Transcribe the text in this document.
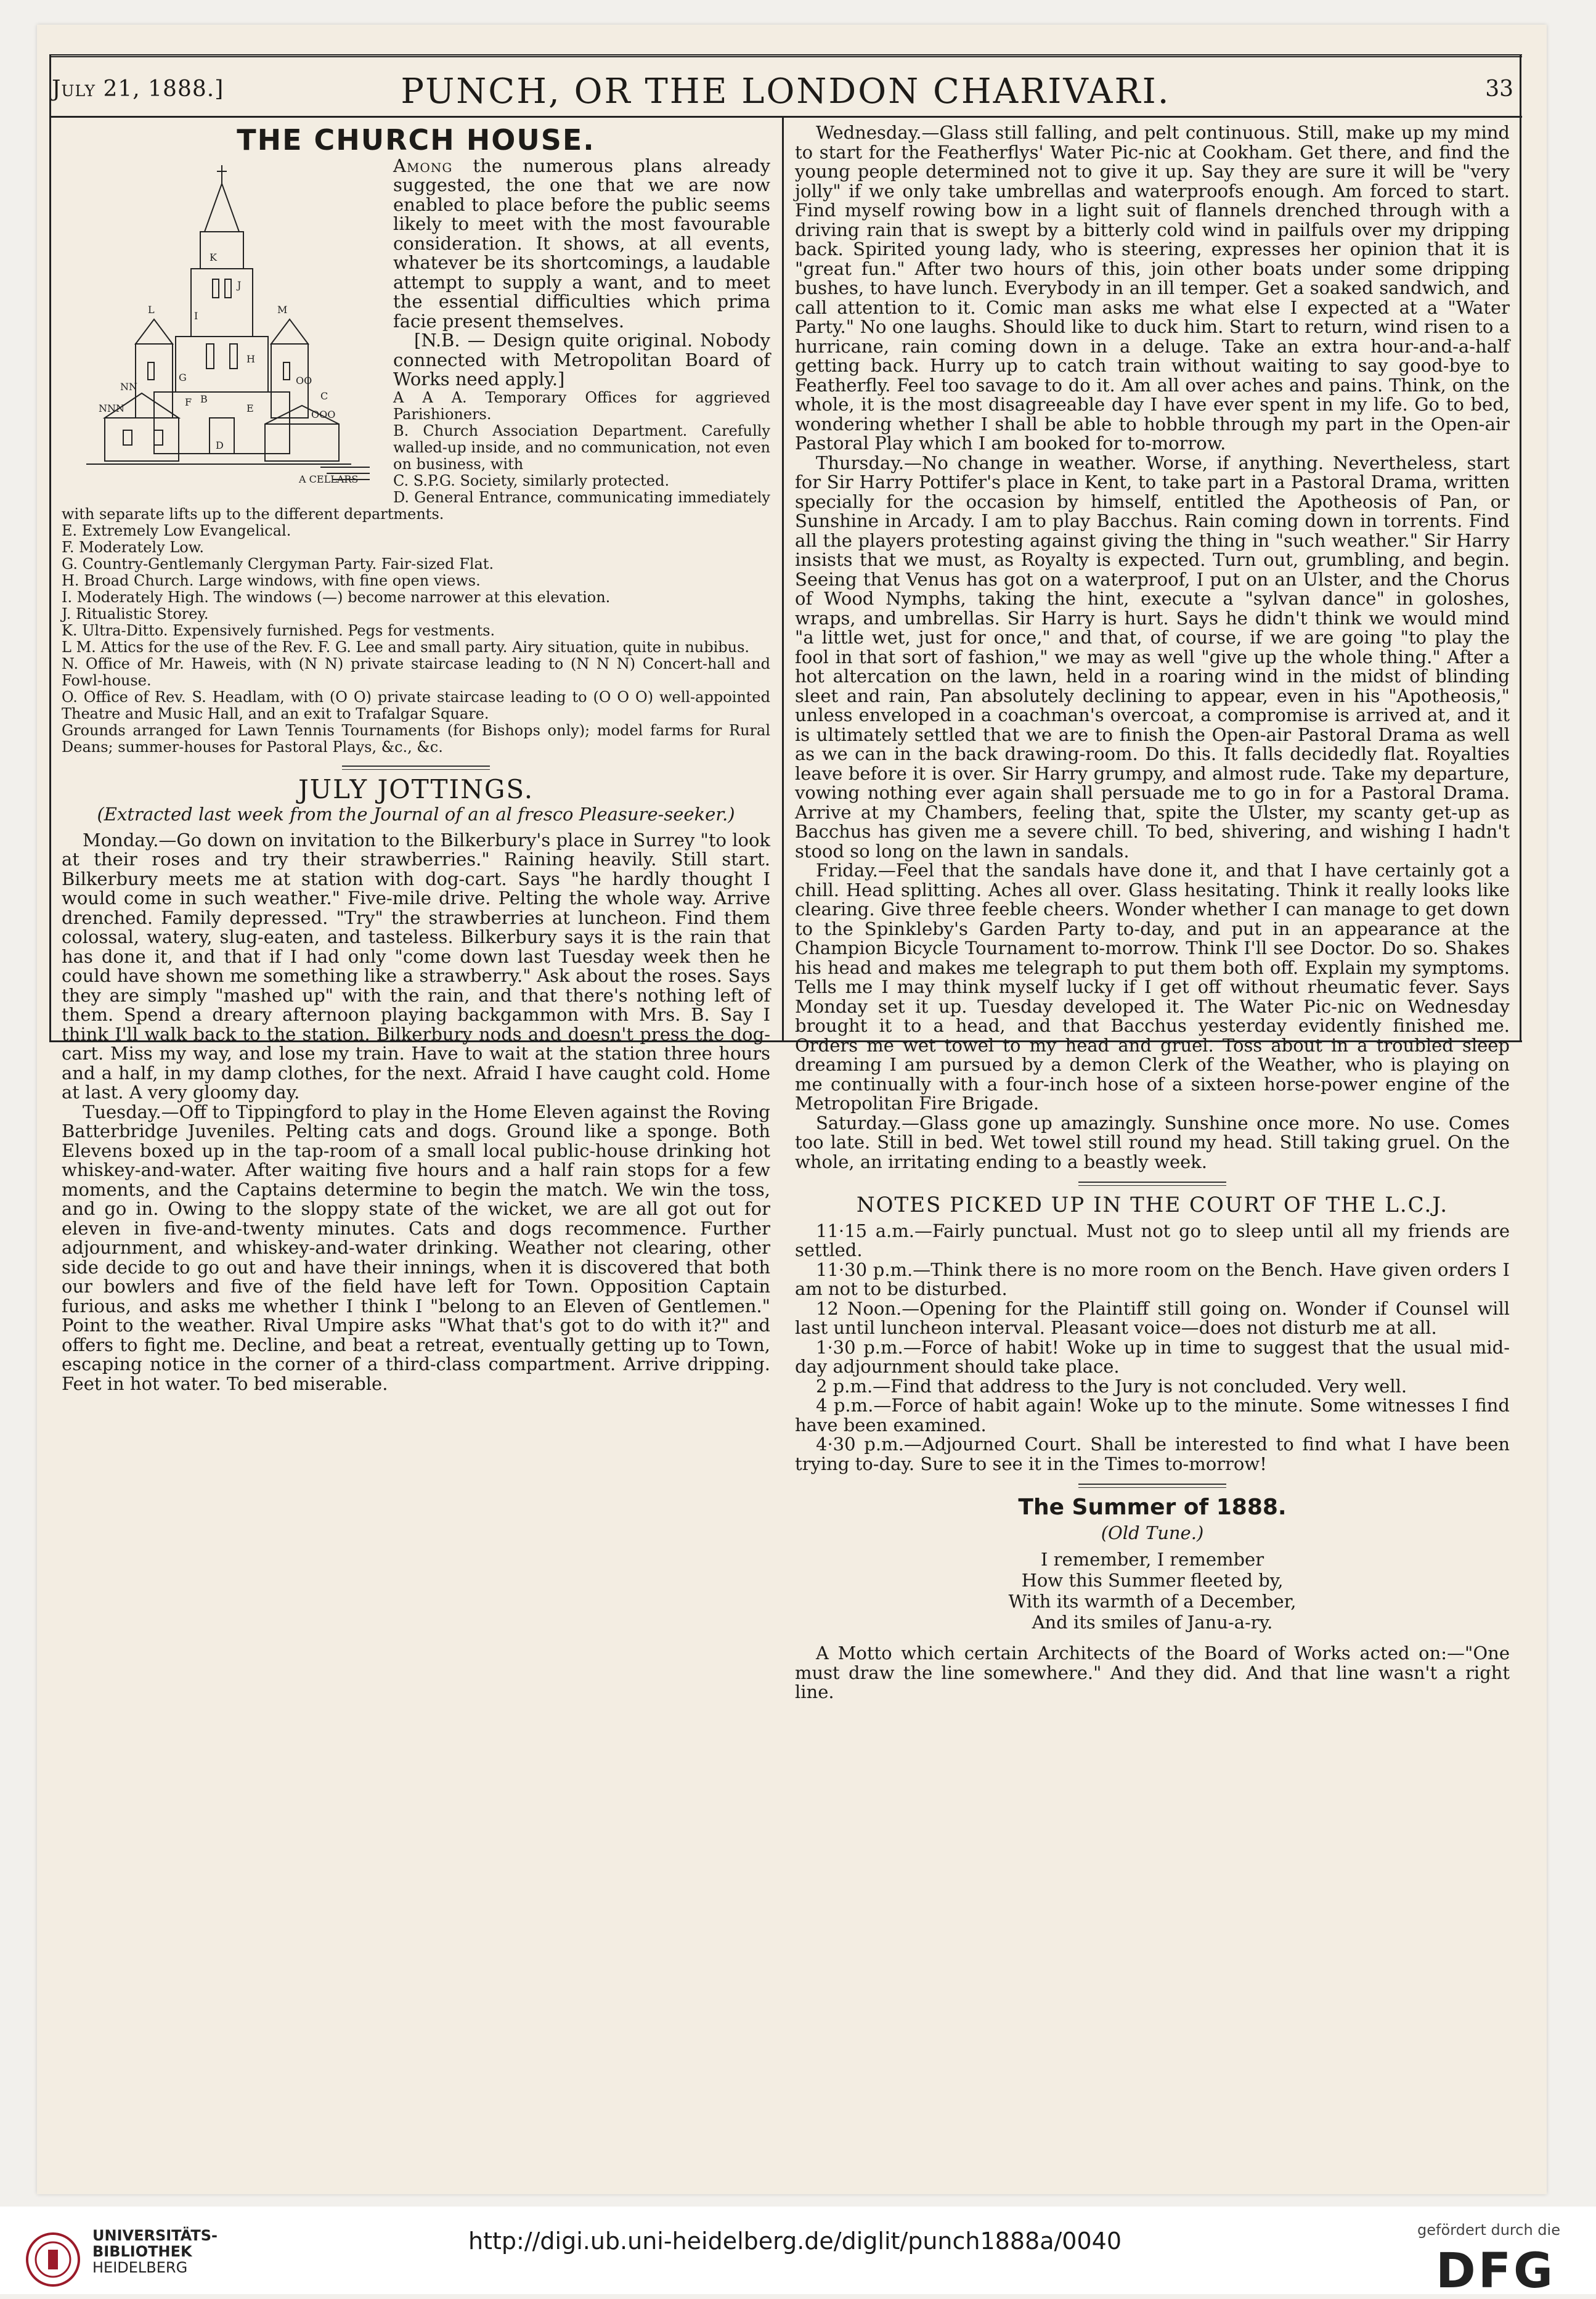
July 21, 1888.]	PUNCH, OR THE LONDON CHARIVARI.	33
THE CHURCH HOUSE.
L	M
K
J
I
H
G
F
E
D
C
B
NN
NNN
OO
OOO
A CELLARS

Among the numerous plans already suggested, the one that we are now enabled to place before the public seems likely to meet with the most favourable consideration. It shows, at all events, whatever be its shortcomings, a laudable attempt to supply a want, and to meet the essential difficulties which prima facie present themselves.

[N.B. — Design quite original. Nobody connected with Metropolitan Board of Works need apply.]

A A A. Temporary Offices for aggrieved Parishioners.

B. Church Association Department. Carefully walled-up inside, and no communication, not even on business, with

C. S.P.G. Society, similarly protected.

D. General Entrance, communicating immediately with separate lifts up to the different departments.

E. Extremely Low Evangelical.

F. Moderately Low.

G. Country-Gentlemanly Clergyman Party. Fair-sized Flat.

H. Broad Church. Large windows, with fine open views.

I. Moderately High. The windows (—) become narrower at this elevation.

J. Ritualistic Storey.

K. Ultra-Ditto. Expensively furnished. Pegs for vestments.

L M. Attics for the use of the Rev. F. G. Lee and small party. Airy situation, quite in nubibus.

N. Office of Mr. Haweis, with (N N) private staircase leading to (N N N) Concert-hall and Fowl-house.

O. Office of Rev. S. Headlam, with (O O) private staircase leading to (O O O) well-appointed Theatre and Music Hall, and an exit to Trafalgar Square.

Grounds arranged for Lawn Tennis Tournaments (for Bishops only); model farms for Rural Deans; summer-houses for Pastoral Plays, &c., &c.

JULY JOTTINGS.
(Extracted last week from the Journal of an al fresco Pleasure-seeker.)

Monday.—Go down on invitation to the Bilkerbury's place in Surrey "to look at their roses and try their strawberries." Raining heavily. Still start. Bilkerbury meets me at station with dog-cart. Says "he hardly thought I would come in such weather." Five-mile drive. Pelting the whole way. Arrive drenched. Family depressed. "Try" the strawberries at luncheon. Find them colossal, watery, slug-eaten, and tasteless. Bilkerbury says it is the rain that has done it, and that if I had only "come down last Tuesday week then he could have shown me something like a strawberry." Ask about the roses. Says they are simply "mashed up" with the rain, and that there's nothing left of them. Spend a dreary afternoon playing backgammon with Mrs. B. Say I think I'll walk back to the station. Bilkerbury nods and doesn't press the dog-cart. Miss my way, and lose my train. Have to wait at the station three hours and a half, in my damp clothes, for the next. Afraid I have caught cold. Home at last. A very gloomy day.

Tuesday.—Off to Tippingford to play in the Home Eleven against the Roving Batterbridge Juveniles. Pelting cats and dogs. Ground like a sponge. Both Elevens boxed up in the tap-room of a small local public-house drinking hot whiskey-and-water. After waiting five hours and a half rain stops for a few moments, and the Captains determine to begin the match. We win the toss, and go in. Owing to the sloppy state of the wicket, we are all got out for eleven in five-and-twenty minutes. Cats and dogs recommence. Further adjournment, and whiskey-and-water drinking. Weather not clearing, other side decide to go out and have their innings, when it is discovered that both our bowlers and five of the field have left for Town. Opposition Captain furious, and asks me whether I think I "belong to an Eleven of Gentlemen." Point to the weather. Rival Umpire asks "What that's got to do with it?" and offers to fight me. Decline, and beat a retreat, eventually getting up to Town, escaping notice in the corner of a third-class compartment. Arrive dripping. Feet in hot water. To bed miserable.

Wednesday.—Glass still falling, and pelt continuous. Still, make up my mind to start for the Featherflys' Water Pic-nic at Cookham. Get there, and find the young people determined not to give it up. Say they are sure it will be "very jolly" if we only take umbrellas and waterproofs enough. Am forced to start. Find myself rowing bow in a light suit of flannels drenched through with a driving rain that is swept by a bitterly cold wind in pailfuls over my dripping back. Spirited young lady, who is steering, expresses her opinion that it is "great fun." After two hours of this, join other boats under some dripping bushes, to have lunch. Everybody in an ill temper. Get a soaked sandwich, and call attention to it. Comic man asks me what else I expected at a "Water Party." No one laughs. Should like to duck him. Start to return, wind risen to a hurricane, rain coming down in a deluge. Take an extra hour-and-a-half getting back. Hurry up to catch train without waiting to say good-bye to Featherfly. Feel too savage to do it. Am all over aches and pains. Think, on the whole, it is the most disagreeable day I have ever spent in my life. Go to bed, wondering whether I shall be able to hobble through my part in the Open-air Pastoral Play which I am booked for to-morrow.

Thursday.—No change in weather. Worse, if anything. Nevertheless, start for Sir Harry Pottifer's place in Kent, to take part in a Pastoral Drama, written specially for the occasion by himself, entitled the Apotheosis of Pan, or Sunshine in Arcady. I am to play Bacchus. Rain coming down in torrents. Find all the players protesting against giving the thing in "such weather." Sir Harry insists that we must, as Royalty is expected. Turn out, grumbling, and begin. Seeing that Venus has got on a waterproof, I put on an Ulster, and the Chorus of Wood Nymphs, taking the hint, execute a "sylvan dance" in goloshes, wraps, and umbrellas. Sir Harry is hurt. Says he didn't think we would mind "a little wet, just for once," and that, of course, if we are going "to play the fool in that sort of fashion," we may as well "give up the whole thing." After a hot altercation on the lawn, held in a roaring wind in the midst of blinding sleet and rain, Pan absolutely declining to appear, even in his "Apotheosis," unless enveloped in a coachman's overcoat, a compromise is arrived at, and it is ultimately settled that we are to finish the Open-air Pastoral Drama as well as we can in the back drawing-room. Do this. It falls decidedly flat. Royalties leave before it is over. Sir Harry grumpy, and almost rude. Take my departure, vowing nothing ever again shall persuade me to go in for a Pastoral Drama. Arrive at my Chambers, feeling that, spite the Ulster, my scanty get-up as Bacchus has given me a severe chill. To bed, shivering, and wishing I hadn't stood so long on the lawn in sandals.

Friday.—Feel that the sandals have done it, and that I have certainly got a chill. Head splitting. Aches all over. Glass hesitating. Think it really looks like clearing. Give three feeble cheers. Wonder whether I can manage to get down to the Spinkleby's Garden Party to-day, and put in an appearance at the Champion Bicycle Tournament to-morrow. Think I'll see Doctor. Do so. Shakes his head and makes me telegraph to put them both off. Explain my symptoms. Tells me I may think myself lucky if I get off without rheumatic fever. Says Monday set it up. Tuesday developed it. The Water Pic-nic on Wednesday brought it to a head, and that Bacchus yesterday evidently finished me. Orders me wet towel to my head and gruel. Toss about in a troubled sleep dreaming I am pursued by a demon Clerk of the Weather, who is playing on me continually with a four-inch hose of a sixteen horse-power engine of the Metropolitan Fire Brigade.

Saturday.—Glass gone up amazingly. Sunshine once more. No use. Comes too late. Still in bed. Wet towel still round my head. Still taking gruel. On the whole, an irritating ending to a beastly week.

NOTES PICKED UP IN THE COURT OF THE L.C.J.

11·15 a.m.—Fairly punctual. Must not go to sleep until all my friends are settled.

11·30 p.m.—Think there is no more room on the Bench. Have given orders I am not to be disturbed.

12 Noon.—Opening for the Plaintiff still going on. Wonder if Counsel will last until luncheon interval. Pleasant voice—does not disturb me at all.

1·30 p.m.—Force of habit! Woke up in time to suggest that the usual mid-day adjournment should take place.

2 p.m.—Find that address to the Jury is not concluded. Very well.

4 p.m.—Force of habit again! Woke up to the minute. Some witnesses I find have been examined.

4·30 p.m.—Adjourned Court. Shall be interested to find what I have been trying to-day. Sure to see it in the Times to-morrow!

The Summer of 1888.
(Old Tune.)
I remember, I remember
How this Summer fleeted by,
With its warmth of a December,
And its smiles of Janu-a-ry.

A Motto which certain Architects of the Board of Works acted on:—"One must draw the line somewhere." And they did. And that line wasn't a right line.

UNIVERSITÄTS-
BIBLIOTHEK
HEIDELBERG
http://digi.ub.uni-heidelberg.de/diglit/punch1888a/0040	gefördert durch die
DFG
